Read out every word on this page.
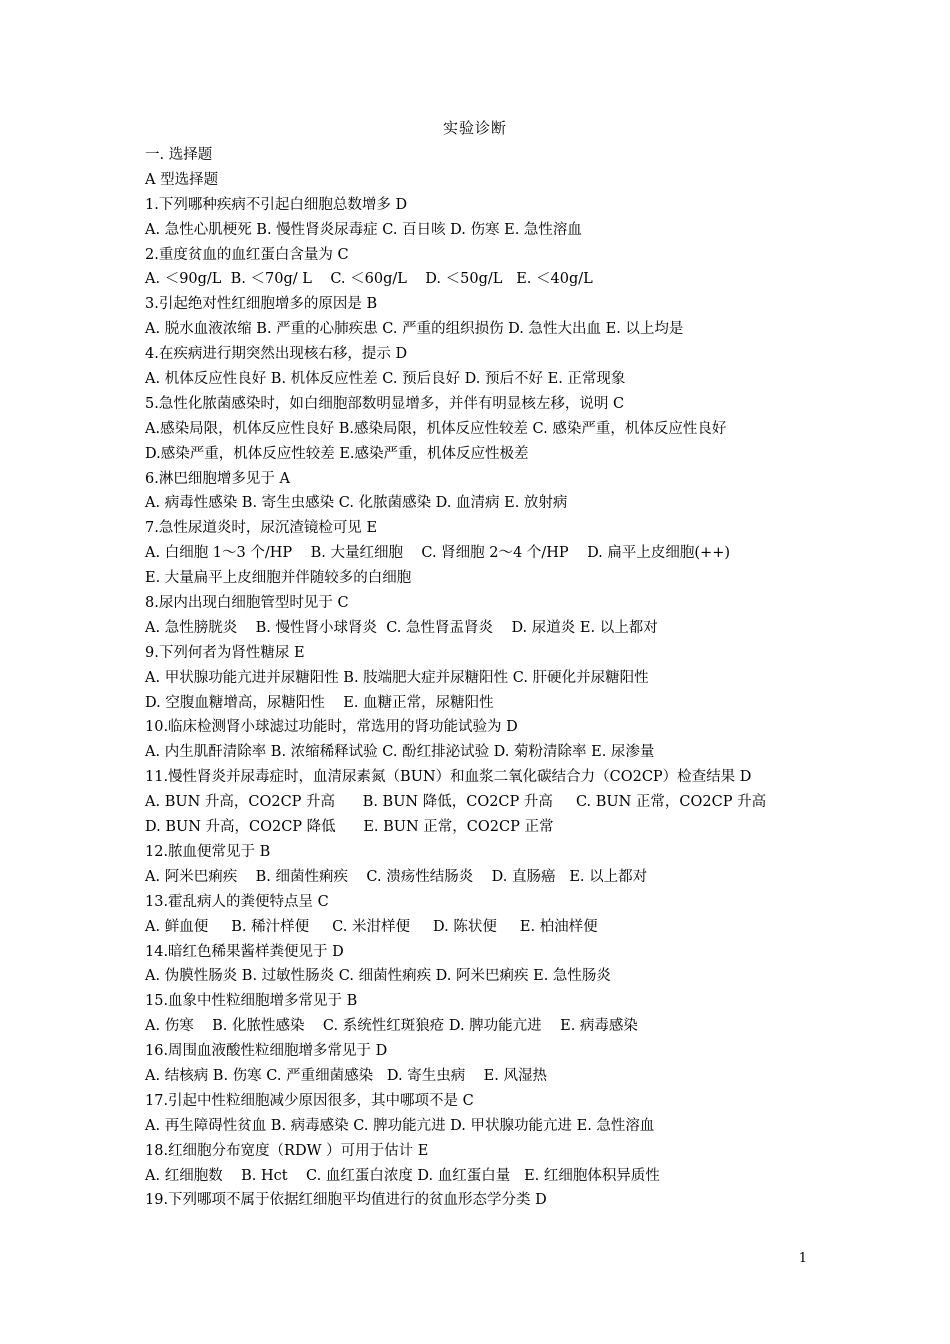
实验诊断
一. 选择题
A 型选择题
1.下列哪种疾病不引起白细胞总数增多 D
A. 急性心肌梗死 B. 慢性肾炎尿毒症 C. 百日咳 D. 伤寒 E. 急性溶血
2.重度贫血的血红蛋白含量为 C
A. ＜90g/L  B. ＜70g/ L    C. ＜60g/L    D. ＜50g/L   E. ＜40g/L
3.引起绝对性红细胞增多的原因是 B
A. 脱水血液浓缩 B. 严重的心肺疾患 C. 严重的组织损伤 D. 急性大出血 E. 以上均是
4.在疾病进行期突然出现核右移，提示 D
A. 机体反应性良好 B. 机体反应性差 C. 预后良好 D. 预后不好 E. 正常现象
5.急性化脓菌感染时，如白细胞部数明显增多，并伴有明显核左移，说明 C
A.感染局限，机体反应性良好 B.感染局限，机体反应性较差 C. 感染严重，机体反应性良好
D.感染严重，机体反应性较差 E.感染严重，机体反应性极差
6.淋巴细胞增多见于 A
A. 病毒性感染 B. 寄生虫感染 C. 化脓菌感染 D. 血清病 E. 放射病
7.急性尿道炎时，尿沉渣镜检可见 E
A. 白细胞 1～3 个/HP    B. 大量红细胞    C. 肾细胞 2～4 个/HP    D. 扁平上皮细胞(++)
E. 大量扁平上皮细胞并伴随较多的白细胞
8.尿内出现白细胞管型时见于 C
A. 急性膀胱炎    B. 慢性肾小球肾炎  C. 急性肾盂肾炎    D. 尿道炎 E. 以上都对
9.下列何者为肾性糖尿 E
A. 甲状腺功能亢进并尿糖阳性 B. 肢端肥大症并尿糖阳性 C. 肝硬化并尿糖阳性
D. 空腹血糖增高，尿糖阳性    E. 血糖正常，尿糖阳性
10.临床检测肾小球滤过功能时，常选用的肾功能试验为 D
A. 内生肌酐清除率 B. 浓缩稀释试验 C. 酚红排泌试验 D. 菊粉清除率 E. 尿渗量
11.慢性肾炎并尿毒症时，血清尿素氮（BUN）和血浆二氧化碳结合力（CO2CP）检查结果 D
A. BUN 升高，CO2CP 升高      B. BUN 降低，CO2CP 升高     C. BUN 正常，CO2CP 升高
D. BUN 升高，CO2CP 降低      E. BUN 正常，CO2CP 正常
12.脓血便常见于 B
A. 阿米巴痢疾    B. 细菌性痢疾    C. 溃疡性结肠炎    D. 直肠癌   E. 以上都对
13.霍乱病人的粪便特点呈 C
A. 鲜血便     B. 稀汁样便     C. 米泔样便     D. 陈状便     E. 柏油样便
14.暗红色稀果酱样粪便见于 D
A. 伪膜性肠炎 B. 过敏性肠炎 C. 细菌性痢疾 D. 阿米巴痢疾 E. 急性肠炎
15.血象中性粒细胞增多常见于 B
A. 伤寒    B. 化脓性感染    C. 系统性红斑狼疮 D. 脾功能亢进    E. 病毒感染
16.周围血液酸性粒细胞增多常见于 D
A. 结核病 B. 伤寒 C. 严重细菌感染   D. 寄生虫病    E. 风湿热
17.引起中性粒细胞减少原因很多，其中哪项不是 C
A. 再生障碍性贫血 B. 病毒感染 C. 脾功能亢进 D. 甲状腺功能亢进 E. 急性溶血
18.红细胞分布宽度（RDW ）可用于估计 E
A. 红细胞数    B. Hct    C. 血红蛋白浓度 D. 血红蛋白量   E. 红细胞体积异质性
19.下列哪项不属于依据红细胞平均值进行的贫血形态学分类 D
1
